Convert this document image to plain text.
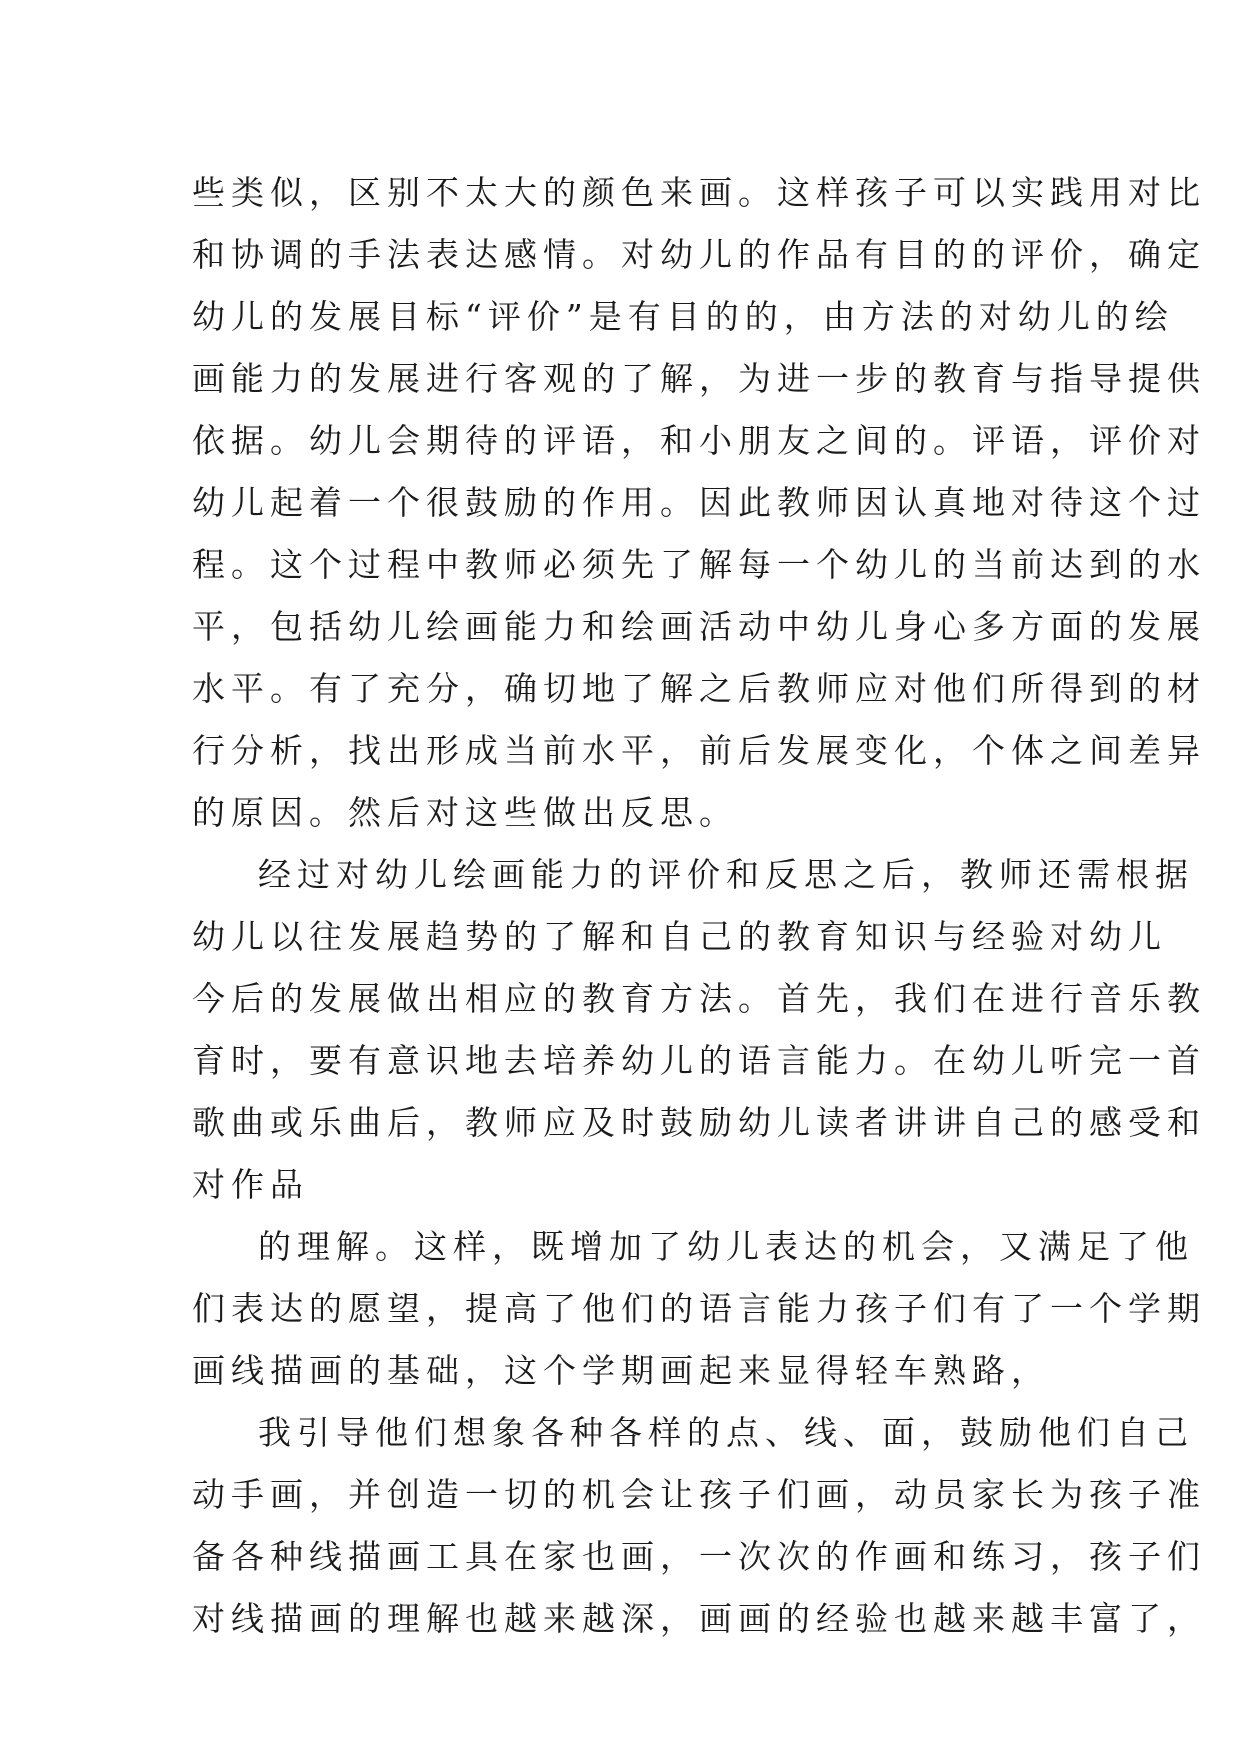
些类似，区别不太大的颜色来画。这样孩子可以实践用对比
和协调的手法表达感情。对幼儿的作品有目的的评价，确定
幼儿的发展目标“评价”是有目的的，由方法的对幼儿的绘
画能力的发展进行客观的了解，为进一步的教育与指导提供
依据。幼儿会期待的评语，和小朋友之间的。评语，评价对
幼儿起着一个很鼓励的作用。因此教师因认真地对待这个过
程。这个过程中教师必须先了解每一个幼儿的当前达到的水
平，包括幼儿绘画能力和绘画活动中幼儿身心多方面的发展
水平。有了充分，确切地了解之后教师应对他们所得到的材
行分析，找出形成当前水平，前后发展变化，个体之间差异
的原因。然后对这些做出反思。
经过对幼儿绘画能力的评价和反思之后，教师还需根据
幼儿以往发展趋势的了解和自己的教育知识与经验对幼儿
今后的发展做出相应的教育方法。首先，我们在进行音乐教
育时，要有意识地去培养幼儿的语言能力。在幼儿听完一首
歌曲或乐曲后，教师应及时鼓励幼儿读者讲讲自己的感受和
对作品
的理解。这样，既增加了幼儿表达的机会，又满足了他
们表达的愿望，提高了他们的语言能力孩子们有了一个学期
画线描画的基础，这个学期画起来显得轻车熟路，
我引导他们想象各种各样的点、线、面，鼓励他们自己
动手画，并创造一切的机会让孩子们画，动员家长为孩子准
备各种线描画工具在家也画，一次次的作画和练习，孩子们
对线描画的理解也越来越深，画画的经验也越来越丰富了，
